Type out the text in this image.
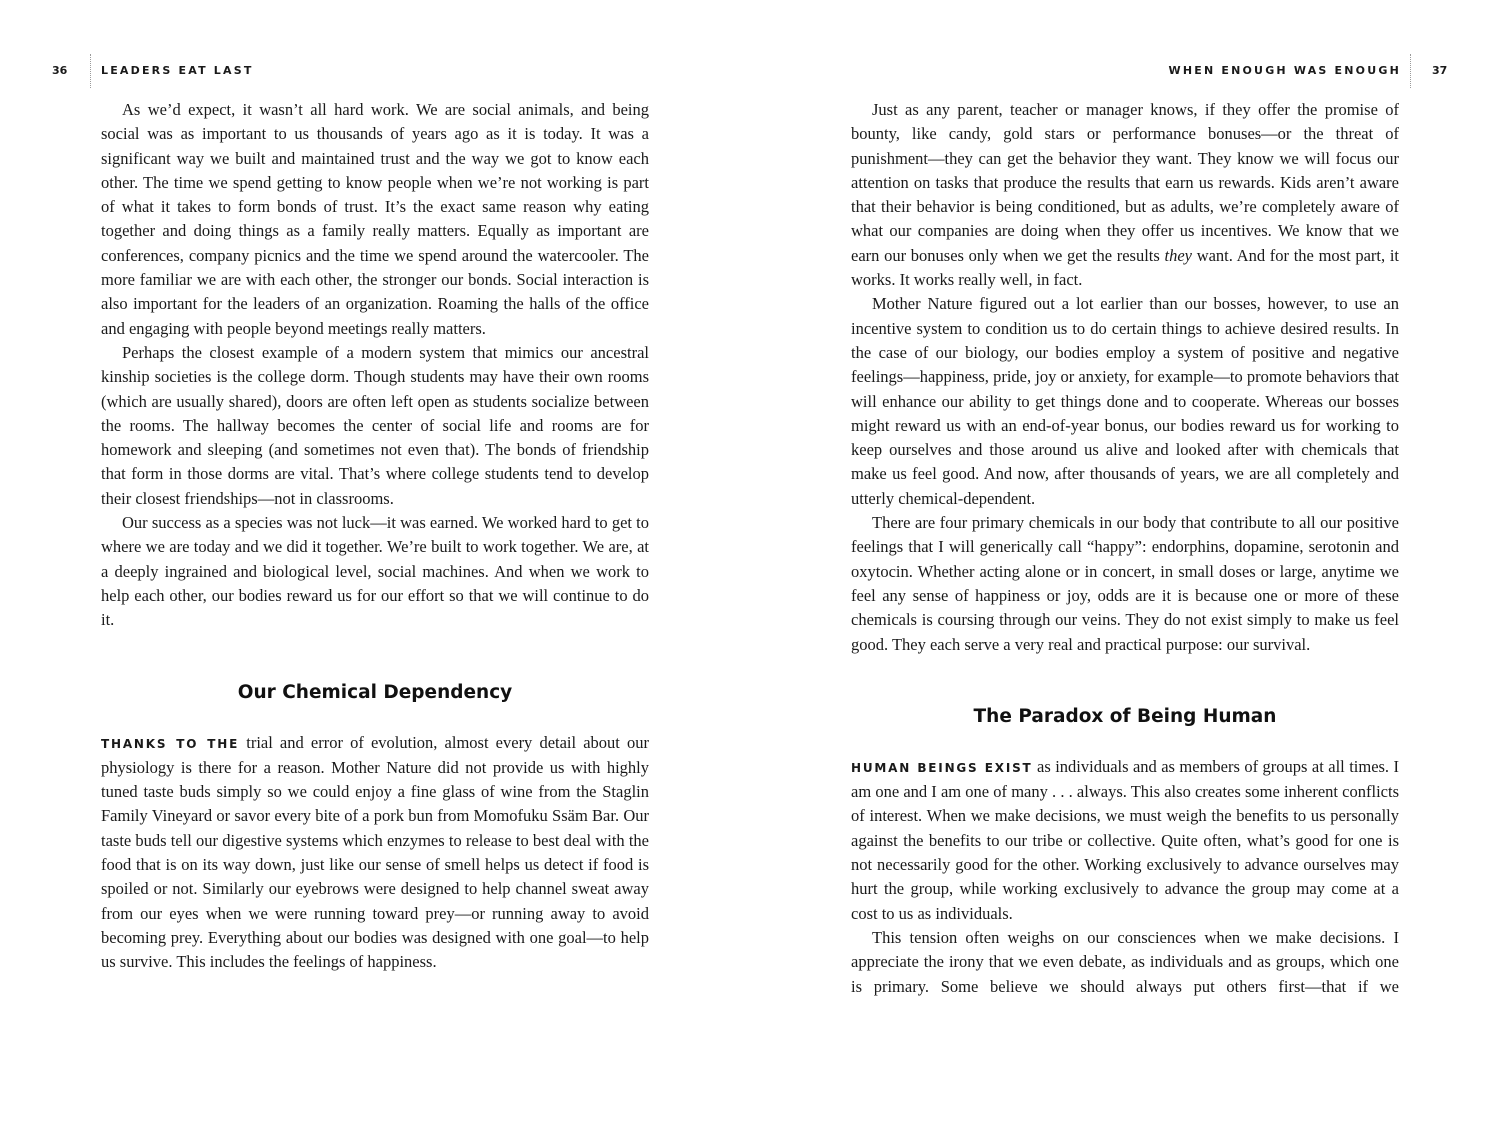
36	LEADERS EAT LAST

As we’d expect, it wasn’t all hard work. We are social animals, and being social was as important to us thousands of years ago as it is today. It was a significant way we built and maintained trust and the way we got to know each other. The time we spend getting to know people when we’re not working is part of what it takes to form bonds of trust. It’s the exact same reason why eating together and doing things as a family really matters. Equally as important are conferences, company picnics and the time we spend around the watercooler. The more familiar we are with each other, the stronger our bonds. Social interaction is also important for the leaders of an organization. Roaming the halls of the office and engaging with people beyond meetings really matters.

Perhaps the closest example of a modern system that mimics our ancestral kinship societies is the college dorm. Though students may have their own rooms (which are usually shared), doors are often left open as students socialize between the rooms. The hallway becomes the center of social life and rooms are for homework and sleeping (and sometimes not even that). The bonds of friendship that form in those dorms are vital. That’s where college students tend to develop their closest friendships—not in classrooms.

Our success as a species was not luck—it was earned. We worked hard to get to where we are today and we did it together. We’re built to work together. We are, at a deeply ingrained and biological level, social machines. And when we work to help each other, our bodies reward us for our effort so that we will continue to do it.

Our Chemical Dependency

THANKS TO THE trial and error of evolution, almost every detail about our physiology is there for a reason. Mother Nature did not provide us with highly tuned taste buds simply so we could enjoy a fine glass of wine from the Staglin Family Vineyard or savor every bite of a pork bun from Momofuku Ssäm Bar. Our taste buds tell our digestive systems which enzymes to release to best deal with the food that is on its way down, just like our sense of smell helps us detect if food is spoiled or not. Similarly our eyebrows were designed to help channel sweat away from our eyes when we were running toward prey—or running away to avoid becoming prey. Everything about our bodies was designed with one goal—to help us survive. This includes the feelings of happiness.

WHEN ENOUGH WAS ENOUGH	37

Just as any parent, teacher or manager knows, if they offer the promise of bounty, like candy, gold stars or performance bonuses—or the threat of punishment—they can get the behavior they want. They know we will focus our attention on tasks that produce the results that earn us rewards. Kids aren’t aware that their behavior is being conditioned, but as adults, we’re completely aware of what our companies are doing when they offer us incentives. We know that we earn our bonuses only when we get the results they want. And for the most part, it works. It works really well, in fact.

Mother Nature figured out a lot earlier than our bosses, however, to use an incentive system to condition us to do certain things to achieve desired results. In the case of our biology, our bodies employ a system of positive and negative feelings—happiness, pride, joy or anxiety, for example—to promote behaviors that will enhance our ability to get things done and to cooperate. Whereas our bosses might reward us with an end-of-year bonus, our bodies reward us for working to keep ourselves and those around us alive and looked after with chemicals that make us feel good. And now, after thousands of years, we are all completely and utterly chemical-dependent.

There are four primary chemicals in our body that contribute to all our positive feelings that I will generically call “happy”: endorphins, dopamine, serotonin and oxytocin. Whether acting alone or in concert, in small doses or large, anytime we feel any sense of happiness or joy, odds are it is because one or more of these chemicals is coursing through our veins. They do not exist simply to make us feel good. They each serve a very real and practical purpose: our survival.

The Paradox of Being Human

HUMAN BEINGS EXIST as individuals and as members of groups at all times. I am one and I am one of many . . . always. This also creates some inherent conflicts of interest. When we make decisions, we must weigh the benefits to us personally against the benefits to our tribe or collective. Quite often, what’s good for one is not necessarily good for the other. Working exclusively to advance ourselves may hurt the group, while working exclusively to advance the group may come at a cost to us as individuals.

This tension often weighs on our consciences when we make decisions. I appreciate the irony that we even debate, as individuals and as groups, which one is primary. Some believe we should always put others first—that if we
